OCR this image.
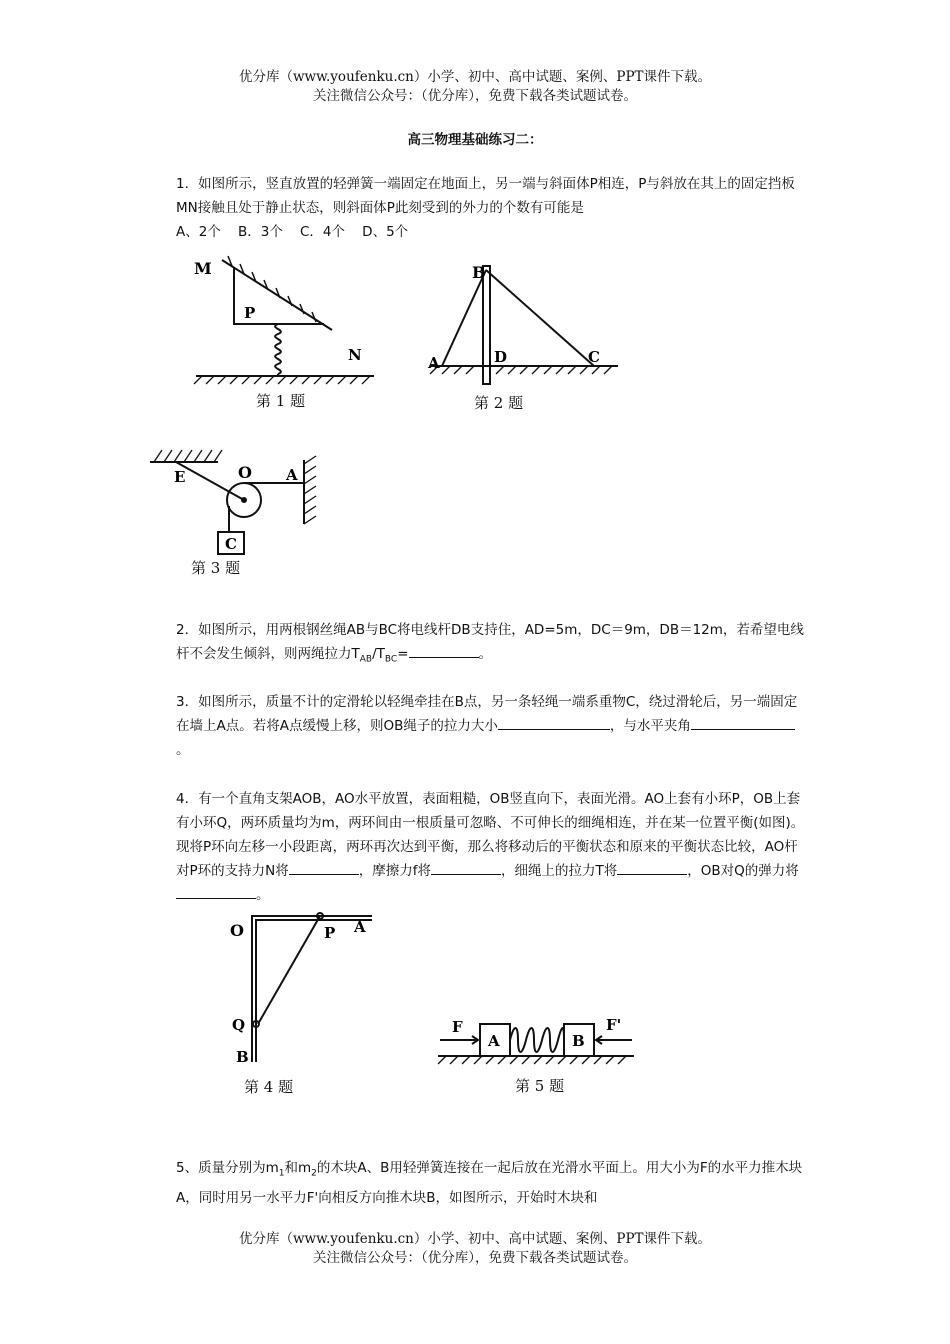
优分库（www.youfenku.cn）小学、初中、高中试题、案例、PPT课件下载。
关注微信公众号：（优分库），免费下载各类试题试卷。
高三物理基础练习二：
1．如图所示，竖直放置的轻弹簧一端固定在地面上，另一端与斜面体P相连，P与斜放在其上的固定挡板MN接触且处于静止状态，则斜面体P此刻受到的外力的个数有可能是
A、2个    B．3个    C．4个    D、5个
M
P
N
第 1 题
B
A	D	C
第 2 题
E	O A
C
第 3 题
2．如图所示，用两根钢丝绳AB与BC将电线杆DB支持住，AD=5m，DC＝9m，DB＝12m，若希望电线杆不会发生倾斜，则两绳拉力$T_{AB}/T_{BC}=$	。
3．如图所示，质量不计的定滑轮以轻绳牵挂在B点，另一条轻绳一端系重物C，绕过滑轮后，另一端固定在墙上A点。若将A点缓慢上移，则OB绳子的拉力大小	，与水平夹角。
4．有一个直角支架AOB，AO水平放置，表面粗糙，OB竖直向下，表面光滑。AO上套有小环P，OB上套有小环Q，两环质量均为m，两环间由一根质量可忽略、不可伸长的细绳相连，并在某一位置平衡(如图)。现将P环向左移一小段距离，两环再次达到平衡，那么将移动后的平衡状态和原来的平衡状态比较，AO杆对P环的支持力N将	，摩擦力f将	，细绳上的拉力T将	，OB对Q的弹力将。
O	P A
Q
B
第 4 题
F	F'
A	B
第 5 题
5、质量分别为$m_1$和$m_2$的木块A、B用轻弹簧连接在一起后放在光滑水平面上。用大小为F的水平力推木块A，同时用另一水平力F'向相反方向推木块B，如图所示，开始时木块和
优分库（www.youfenku.cn）小学、初中、高中试题、案例、PPT课件下载。
关注微信公众号：（优分库），免费下载各类试题试卷。
